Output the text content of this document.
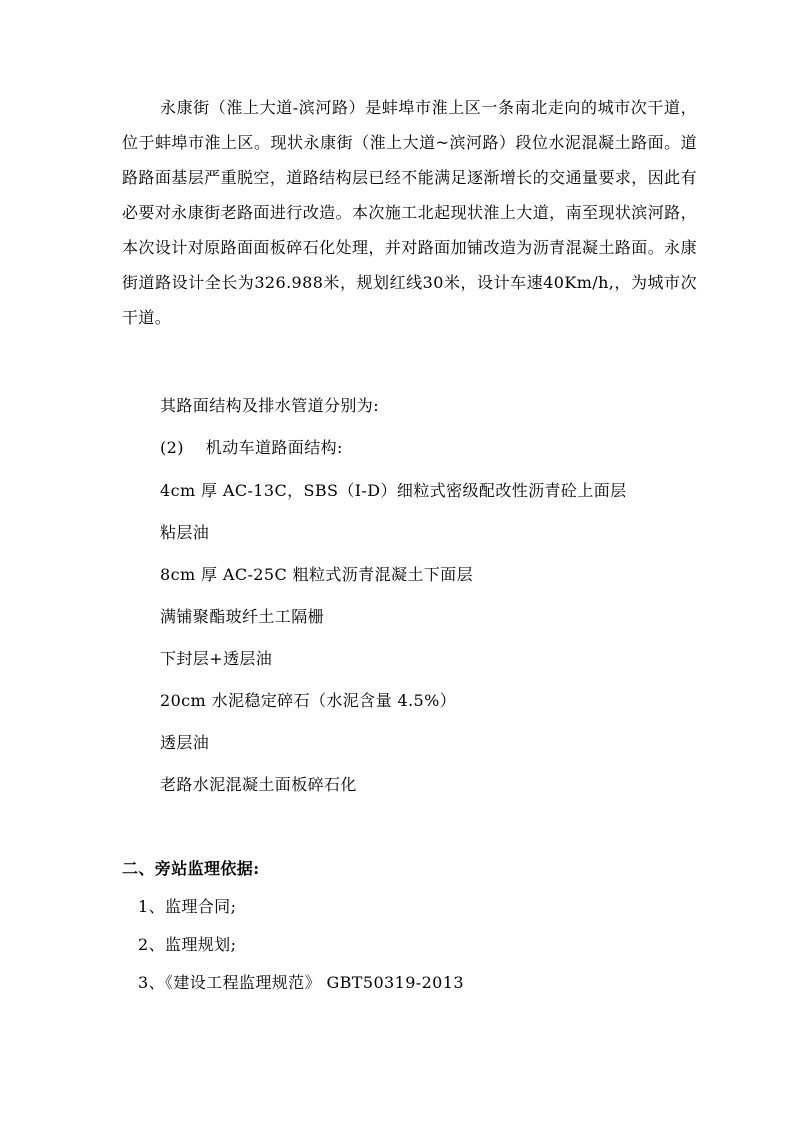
永康街（淮上大道-滨河路）是蚌埠市淮上区一条南北走向的城市次干道，位于蚌埠市淮上区。现状永康街（淮上大道~滨河路）段位水泥混凝土路面。道路路面基层严重脱空，道路结构层已经不能满足逐渐增长的交通量要求，因此有必要对永康街老路面进行改造。本次施工北起现状淮上大道，南至现状滨河路，本次设计对原路面面板碎石化处理，并对路面加铺改造为沥青混凝土路面。永康街道路设计全长为326.988米，规划红线30米，设计车速40Km/h,，为城市次干道。

其路面结构及排水管道分别为:
(2)    机动车道路面结构:
4cm 厚 AC-13C，SBS（I-D）细粒式密级配改性沥青砼上面层
粘层油
8cm 厚 AC-25C 粗粒式沥青混凝土下面层
满铺聚酯玻纤土工隔栅
下封层+透层油
20cm 水泥稳定碎石（水泥含量 4.5%）
透层油
老路水泥混凝土面板碎石化
二、旁站监理依据:
1、监理合同;
2、监理规划;
3、《建设工程监理规范》 GBT50319-2013
